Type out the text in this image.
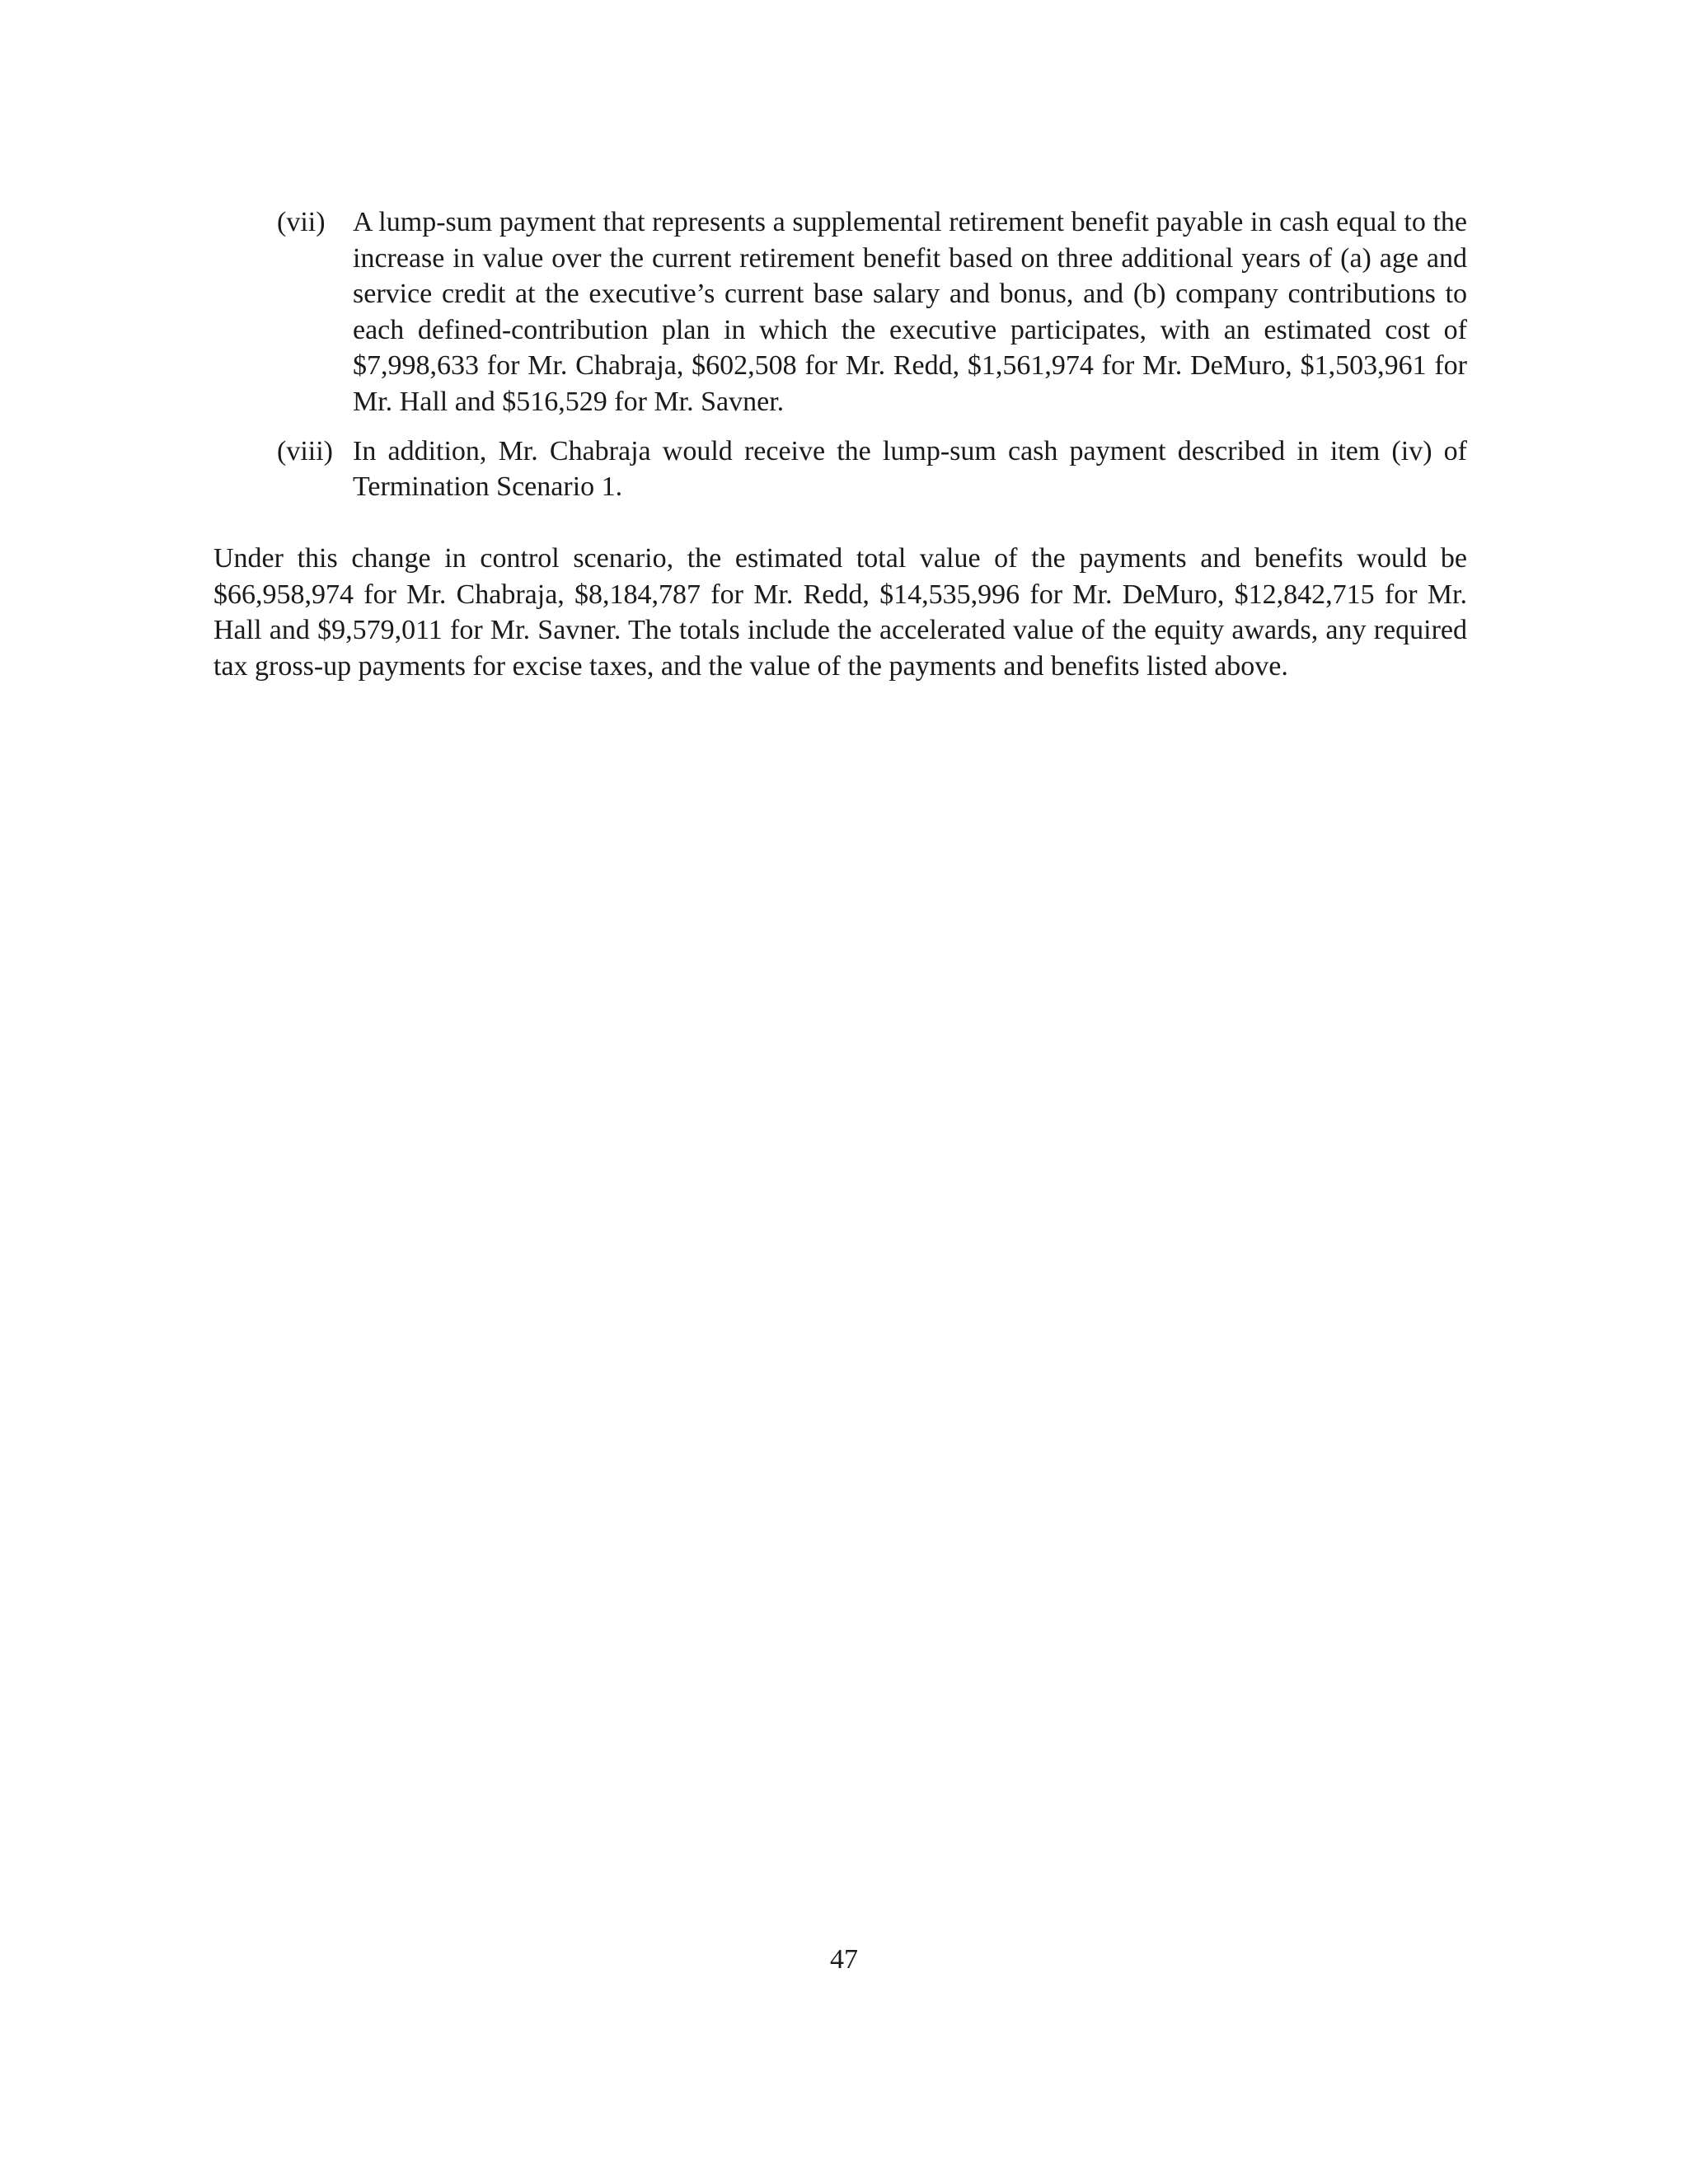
(vii) A lump-sum payment that represents a supplemental retirement benefit payable in cash equal to the increase in value over the current retirement benefit based on three additional years of (a) age and service credit at the executive’s current base salary and bonus, and (b) company contributions to each defined-contribution plan in which the executive participates, with an estimated cost of $7,998,633 for Mr. Chabraja, $602,508 for Mr. Redd, $1,561,974 for Mr. DeMuro, $1,503,961 for Mr. Hall and $516,529 for Mr. Savner.
(viii) In addition, Mr. Chabraja would receive the lump-sum cash payment described in item (iv) of Termination Scenario 1.

Under this change in control scenario, the estimated total value of the payments and benefits would be $66,958,974 for Mr. Chabraja, $8,184,787 for Mr. Redd, $14,535,996 for Mr. DeMuro, $12,842,715 for Mr. Hall and $9,579,011 for Mr. Savner. The totals include the accelerated value of the equity awards, any required tax gross-up payments for excise taxes, and the value of the payments and benefits listed above.

47
